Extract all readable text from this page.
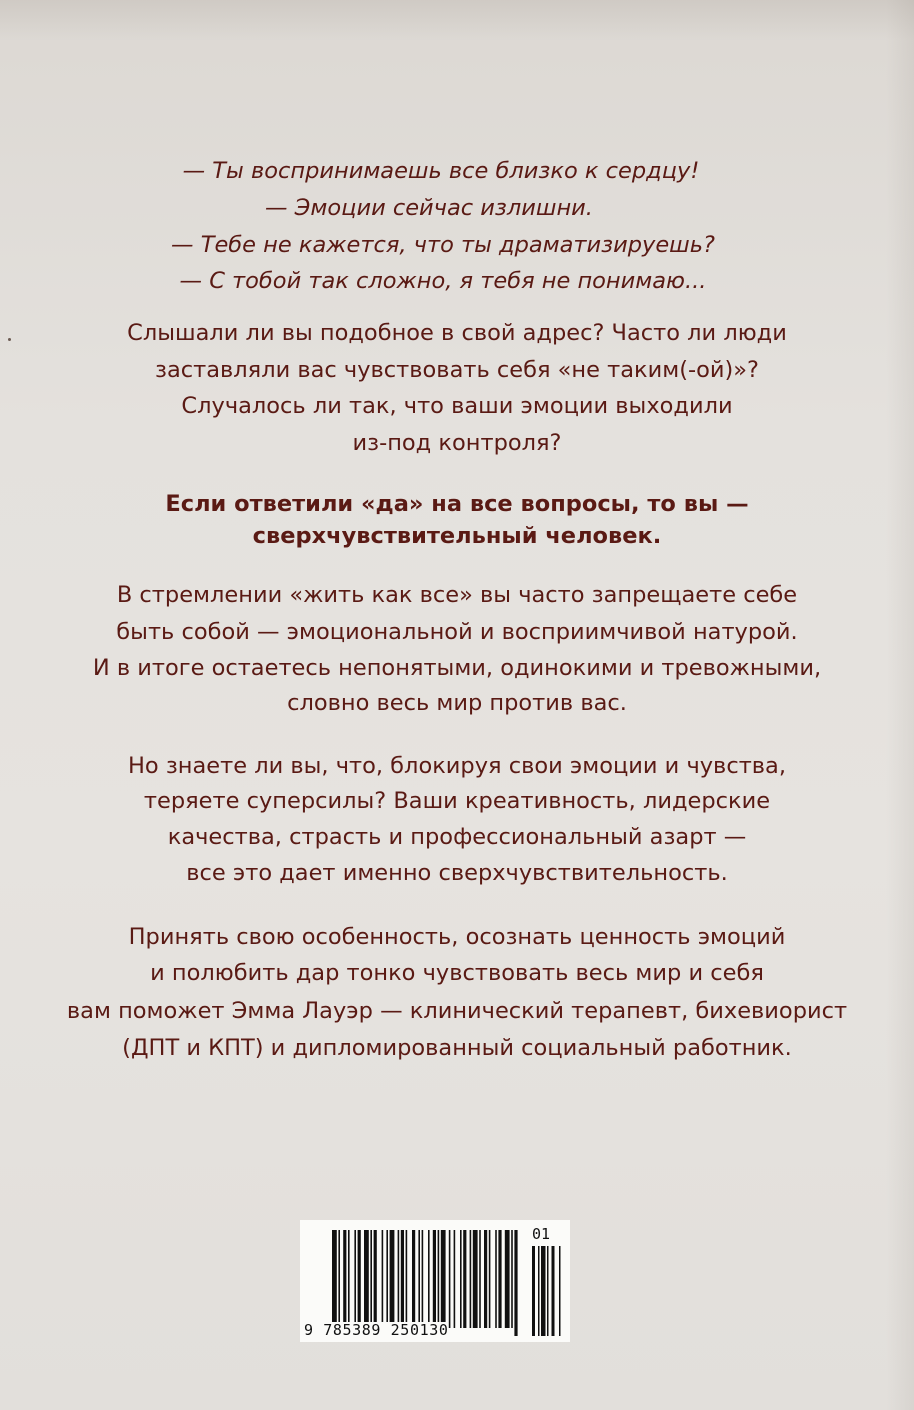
— Ты воспринимаешь все близко к сердцу!
— Эмоции сейчас излишни.
— Тебе не кажется, что ты драматизируешь?
— С тобой так сложно, я тебя не понимаю...
Слышали ли вы подобное в свой адрес? Часто ли люди
заставляли вас чувствовать себя «не таким(-ой)»?
Случалось ли так, что ваши эмоции выходили
из-под контроля?
Если ответили «да» на все вопросы, то вы —
сверхчувствительный человек.
В стремлении «жить как все» вы часто запрещаете себе
быть собой — эмоциональной и восприимчивой натурой.
И в итоге остаетесь непонятыми, одинокими и тревожными,
словно весь мир против вас.
Но знаете ли вы, что, блокируя свои эмоции и чувства,
теряете суперсилы? Ваши креативность, лидерские
качества, страсть и профессиональный азарт —
все это дает именно сверхчувствительность.
Принять свою особенность, осознать ценность эмоций
и полюбить дар тонко чувствовать весь мир и себя
вам поможет Эмма Лауэр — клинический терапевт, бихевиорист
(ДПТ и КПТ) и дипломированный социальный работник.
9 785389 250130
01
